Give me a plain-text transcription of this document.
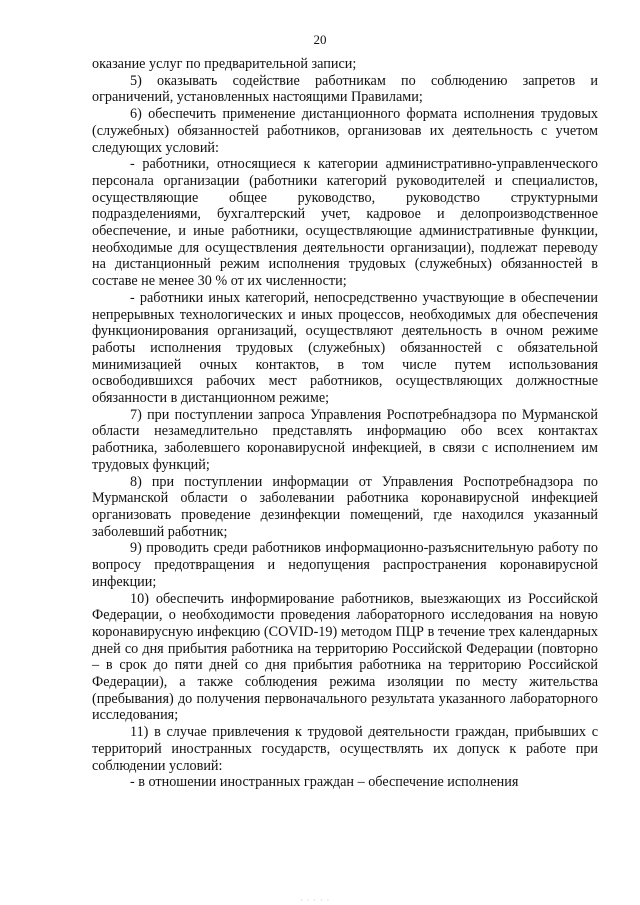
20

оказание услуг по предварительной записи;

5) оказывать содействие работникам по соблюдению запретов и ограничений, установленных настоящими Правилами;

6) обеспечить применение дистанционного формата исполнения трудовых (служебных) обязанностей работников, организовав их деятельность с учетом следующих условий:

- работники, относящиеся к категории административно-управленческого персонала организации (работники категорий руководителей и специалистов, осуществляющие общее руководство, руководство структурными подразделениями, бухгалтерский учет, кадровое и делопроизводственное обеспечение, и иные работники, осуществляющие административные функции, необходимые для осуществления деятельности организации), подлежат переводу на дистанционный режим исполнения трудовых (служебных) обязанностей в составе не менее 30 % от их численности;

- работники иных категорий, непосредственно участвующие в обеспечении непрерывных технологических и иных процессов, необходимых для обеспечения функционирования организаций, осуществляют деятельность в очном режиме работы исполнения трудовых (служебных) обязанностей с обязательной минимизацией очных контактов, в том числе путем использования освободившихся рабочих мест работников, осуществляющих должностные обязанности в дистанционном режиме;

7) при поступлении запроса Управления Роспотребнадзора по Мурманской области незамедлительно представлять информацию обо всех контактах работника, заболевшего коронавирусной инфекцией, в связи с исполнением им трудовых функций;

8) при поступлении информации от Управления Роспотребнадзора по Мурманской области о заболевании работника коронавирусной инфекцией организовать проведение дезинфекции помещений, где находился указанный заболевший работник;

9) проводить среди работников информационно-разъяснительную работу по вопросу предотвращения и недопущения распространения коронавирусной инфекции;

10) обеспечить информирование работников, выезжающих из Российской Федерации, о необходимости проведения лабораторного исследования на новую коронавирусную инфекцию (COVID-19) методом ПЦР в течение трех календарных дней со дня прибытия работника на территорию Российской Федерации (повторно – в срок до пяти дней со дня прибытия работника на территорию Российской Федерации), а также соблюдения режима изоляции по месту жительства (пребывания) до получения первоначального результата указанного лабораторного исследования;

11) в случае привлечения к трудовой деятельности граждан, прибывших с территорий иностранных государств, осуществлять их допуск к работе при соблюдении условий:

- в отношении иностранных граждан – обеспечение исполнения

· · · · ·
